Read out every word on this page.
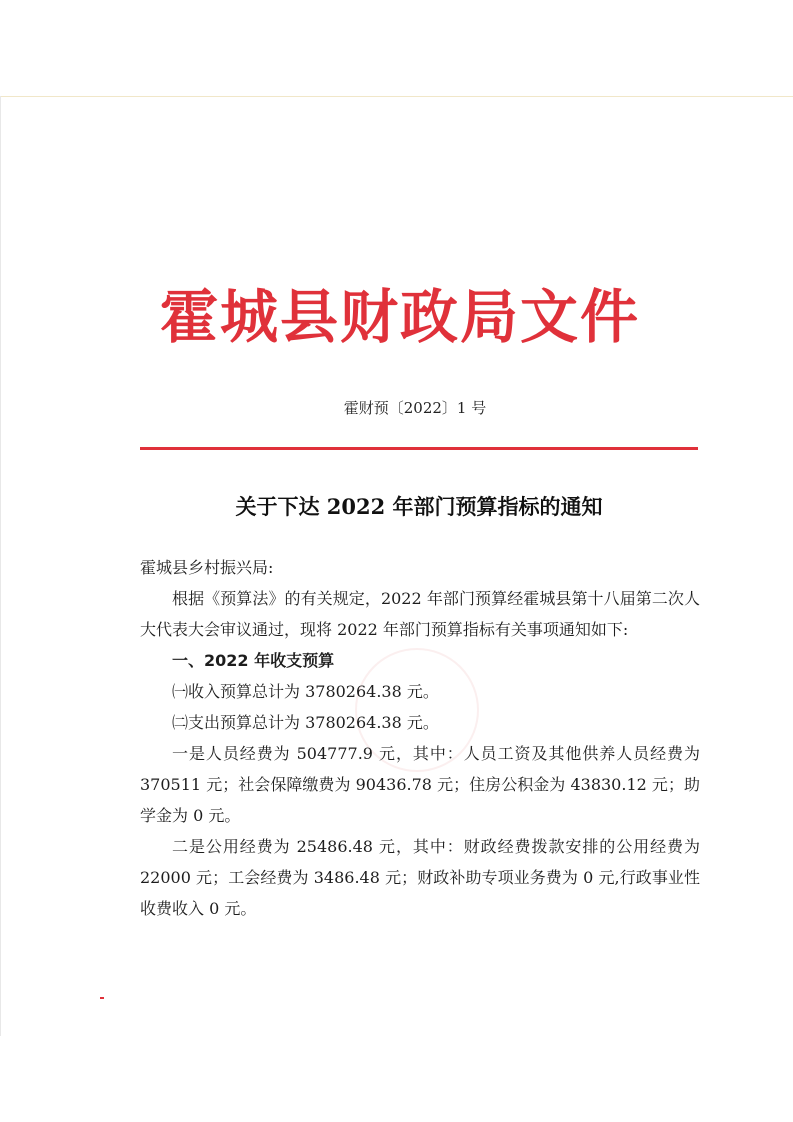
霍城县财政局文件
霍财预〔2022〕1 号
关于下达 2022 年部门预算指标的通知

霍城县乡村振兴局:

根据《预算法》的有关规定，2022 年部门预算经霍城县第十八届第二次人大代表大会审议通过，现将 2022 年部门预算指标有关事项通知如下:

一、2022 年收支预算

㈠收入预算总计为 3780264.38 元。

㈡支出预算总计为 3780264.38 元。

一是人员经费为 504777.9 元，其中：人员工资及其他供养人员经费为 370511 元；社会保障缴费为 90436.78 元；住房公积金为 43830.12 元；助学金为 0 元。

二是公用经费为 25486.48 元，其中：财政经费拨款安排的公用经费为 22000 元；工会经费为 3486.48 元；财政补助专项业务费为 0 元,行政事业性收费收入 0 元。
